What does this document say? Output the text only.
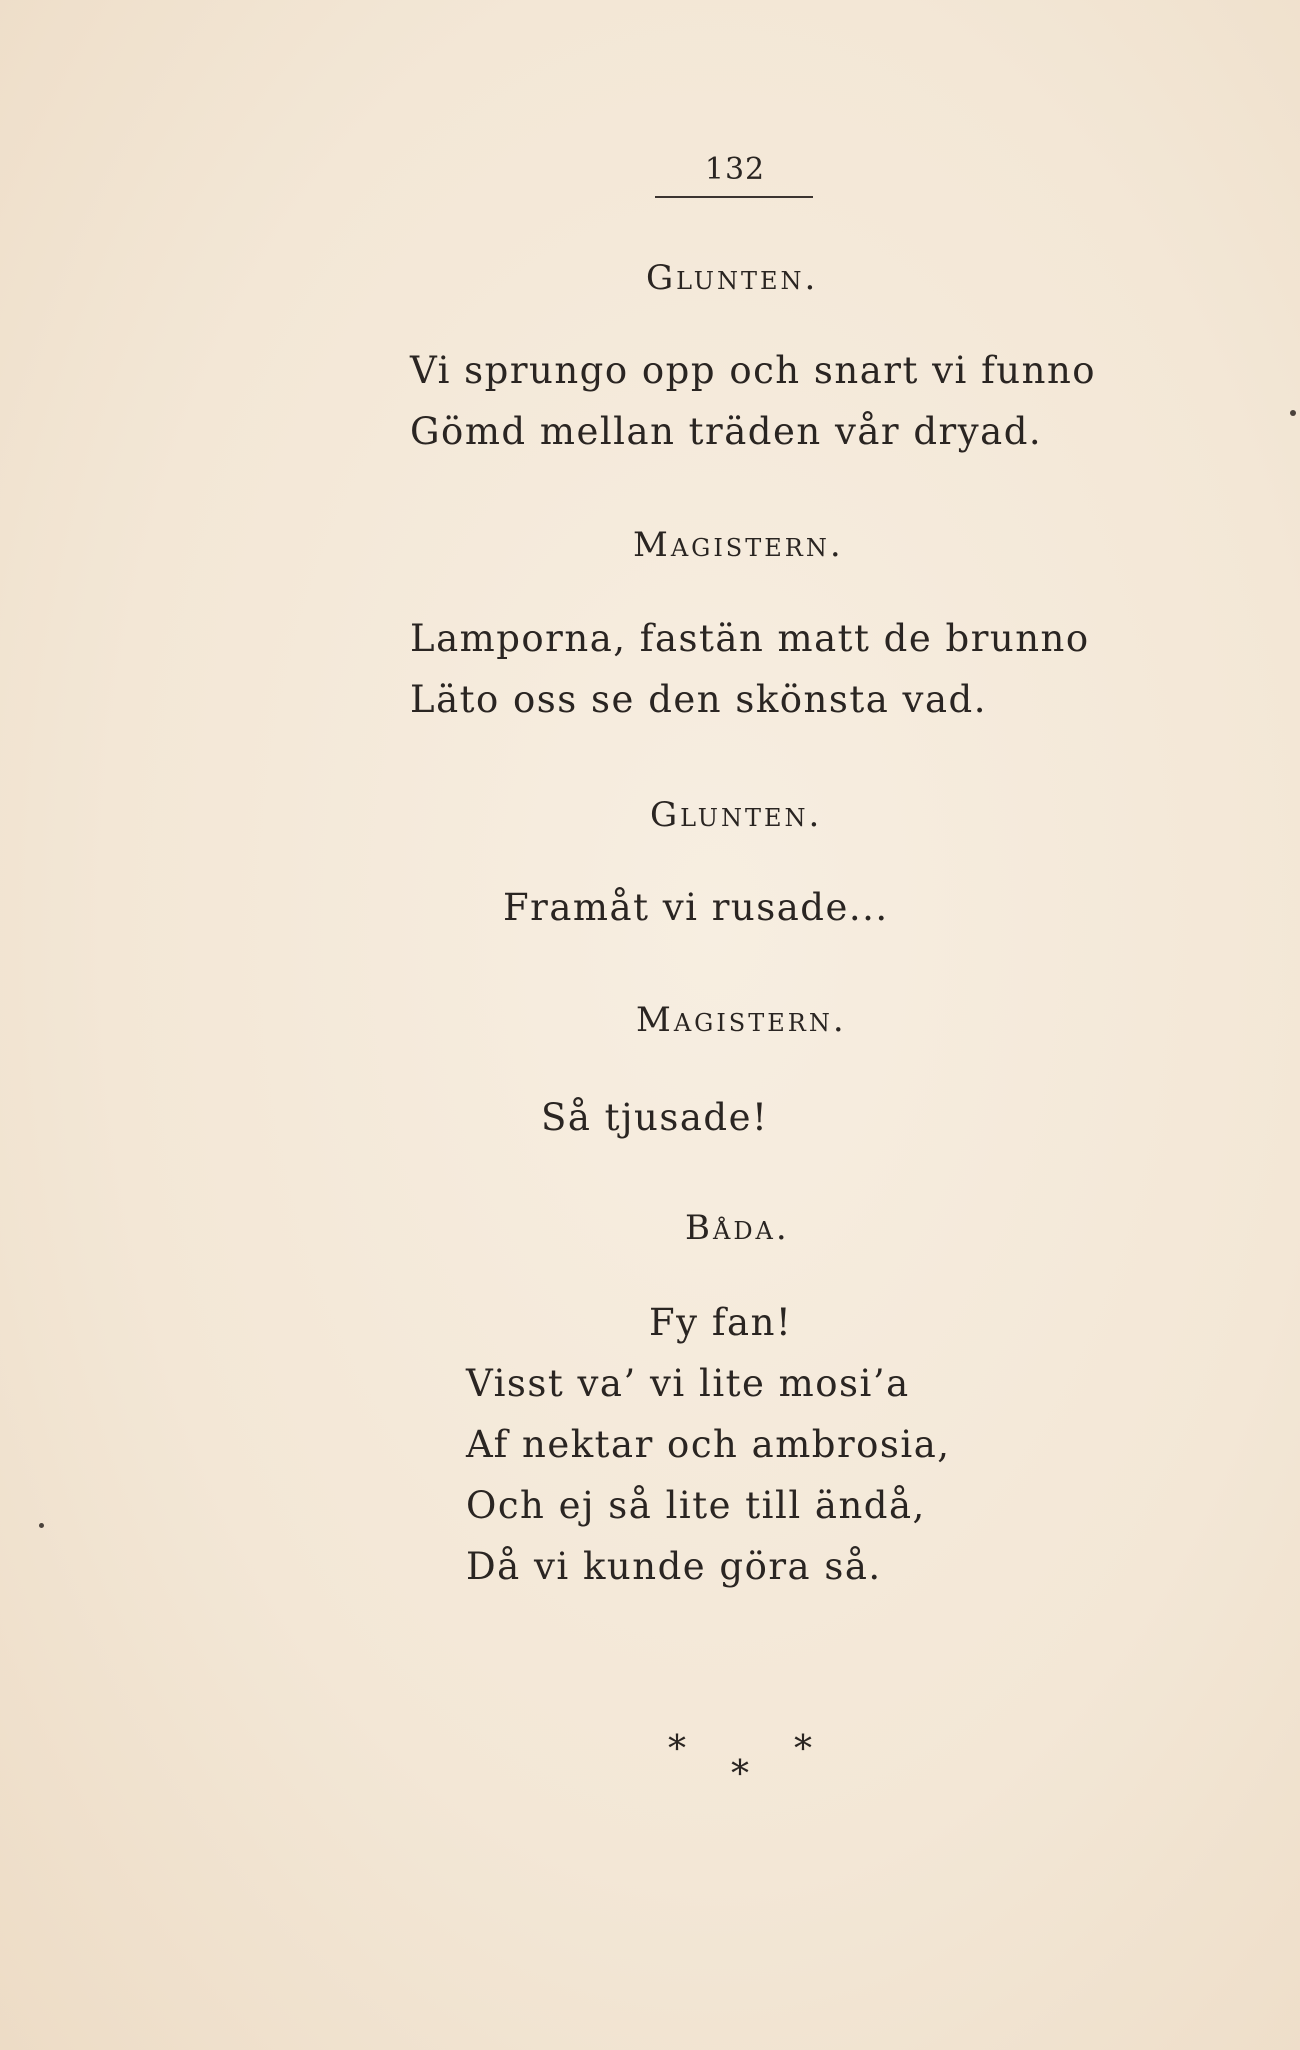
132
Glunten.
Vi sprungo opp och snart vi funno
Gömd mellan träden vår dryad.
Magistern.
Lamporna, fastän matt de brunno
Läto oss se den skönsta vad.
Glunten.
Framåt vi rusade...
Magistern.
Så tjusade!
Båda.
Fy fan!
Visst va’ vi lite mosi’a
Af nektar och ambrosia,
Och ej så lite till ändå,
Då vi kunde göra så.
*	*
*
